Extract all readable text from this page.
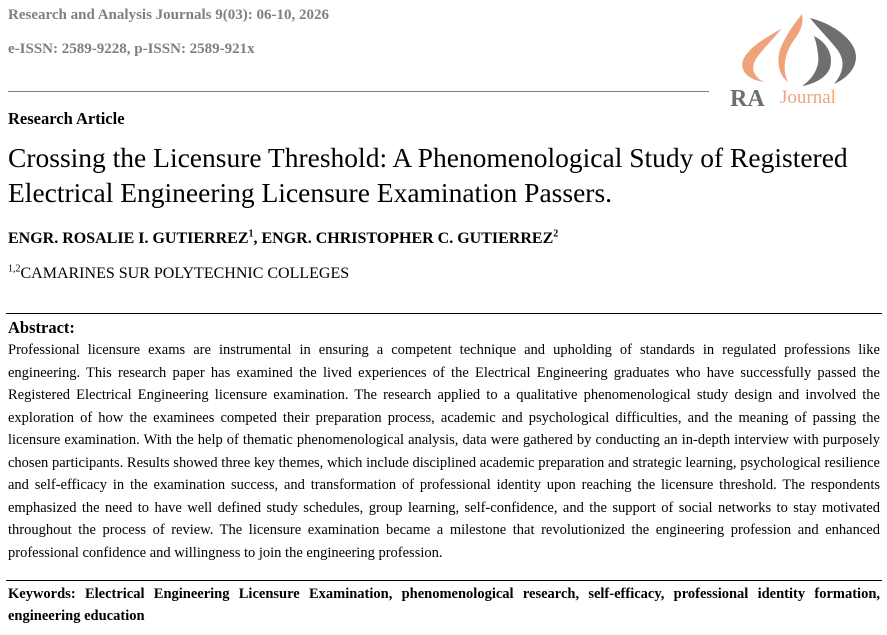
Research and Analysis Journals 9(03): 06-10, 2026
e-ISSN: 2589-9228, p-ISSN: 2589-921x
RA Journal
Research Article
Crossing the Licensure Threshold: A Phenomenological Study of Registered Electrical Engineering Licensure Examination Passers.
ENGR. ROSALIE I. GUTIERREZ$^1$, ENGR. CHRISTOPHER C. GUTIERREZ$^2$
$^{1,2}$CAMARINES SUR POLYTECHNIC COLLEGES
Abstract:
Professional licensure exams are instrumental in ensuring a competent technique and upholding of standards in regulated professions like engineering. This research paper has examined the lived experiences of the Electrical Engineering graduates who have successfully passed the Registered Electrical Engineering licensure examination. The research applied to a qualitative phenomenological study design and involved the exploration of how the examinees competed their preparation process, academic and psychological difficulties, and the meaning of passing the licensure examination. With the help of thematic phenomenological analysis, data were gathered by conducting an in-depth interview with purposely chosen participants. Results showed three key themes, which include disciplined academic preparation and strategic learning, psychological resilience and self-efficacy in the examination success, and transformation of professional identity upon reaching the licensure threshold. The respondents emphasized the need to have well defined study schedules, group learning, self-confidence, and the support of social networks to stay motivated throughout the process of review. The licensure examination became a milestone that revolutionized the engineering profession and enhanced professional confidence and willingness to join the engineering profession.
Keywords: Electrical Engineering Licensure Examination, phenomenological research, self-efficacy, professional identity formation, engineering education
